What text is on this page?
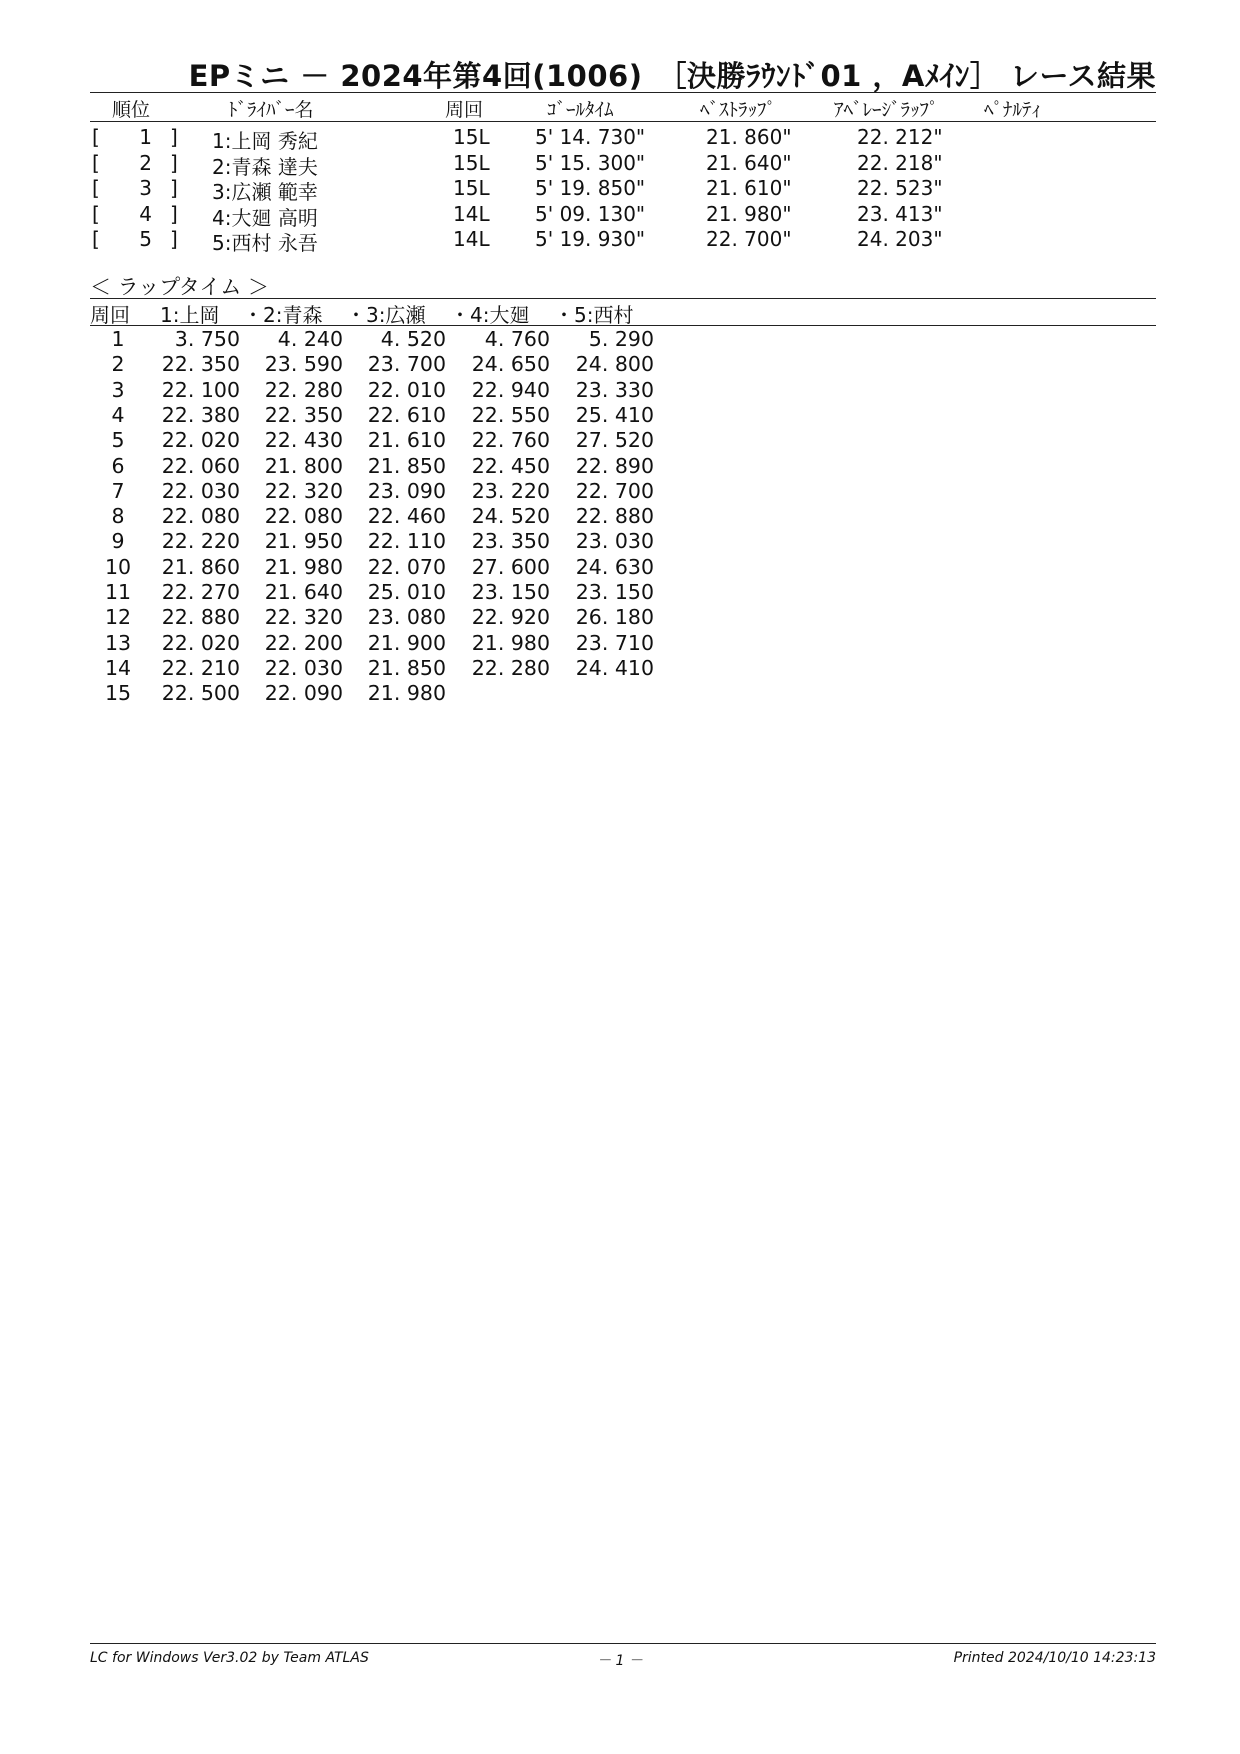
EPミニ － 2024年第4回(1006)　［決勝ﾗｳﾝﾄﾞ01 ，Aﾒｲﾝ］ レース結果
順位	ﾄﾞﾗｲﾊﾞｰ名	周回	ｺﾞｰﾙﾀｲﾑ	ﾍﾞｽﾄﾗｯﾌﾟ	ｱﾍﾞﾚｰｼﾞﾗｯﾌﾟ ﾍﾟﾅﾙﾃｨ
[ 1 ] 1:上岡 秀紀	15L 5' 14. 730"	21. 860"	22. 212"
[ 2 ] 2:青森 達夫	15L 5' 15. 300"	21. 640"	22. 218"
[ 3 ] 3:広瀬 範幸	15L 5' 19. 850"	21. 610"	22. 523"
[ 4 ] 4:大廻 高明	14L 5' 09. 130"	21. 980"	23. 413"
[ 5 ] 5:西村 永吾	14L 5' 19. 930"	22. 700"	24. 203"
＜ ラップタイム ＞
周回 1:上岡 ・2:青森 ・3:広瀬 ・4:大廻 ・5:西村
1	3. 750	4. 240	4. 520	4. 760	5. 290
2	22. 350	23. 590	23. 700	24. 650	24. 800
3	22. 100	22. 280	22. 010	22. 940	23. 330
4	22. 380	22. 350	22. 610	22. 550	25. 410
5	22. 020	22. 430	21. 610	22. 760	27. 520
6	22. 060	21. 800	21. 850	22. 450	22. 890
7	22. 030	22. 320	23. 090	23. 220	22. 700
8	22. 080	22. 080	22. 460	24. 520	22. 880
9	22. 220	21. 950	22. 110	23. 350	23. 030
10	21. 860	21. 980	22. 070	27. 600	24. 630
11	22. 270	21. 640	25. 010	23. 150	23. 150
12	22. 880	22. 320	23. 080	22. 920	26. 180
13	22. 020	22. 200	21. 900	21. 980	23. 710
14	22. 210	22. 030	21. 850	22. 280	24. 410
15	22. 500	22. 090	21. 980
LC for Windows Ver3.02 by Team ATLAS	－ 1 －	Printed 2024/10/10 14:23:13
